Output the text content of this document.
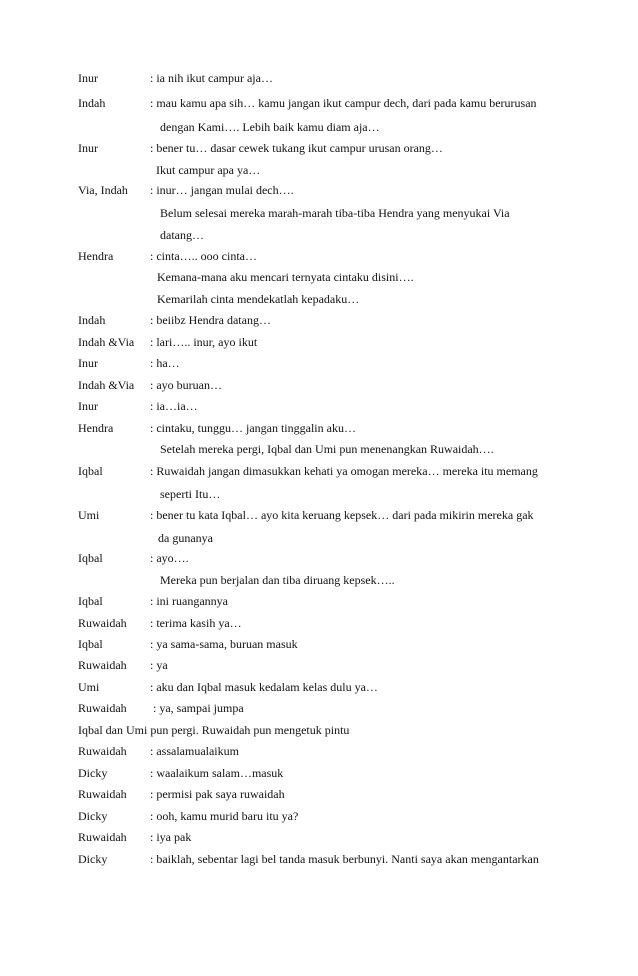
Inur	: ia nih ikut campur aja…
Indah	: mau kamu apa sih… kamu jangan ikut campur dech, dari pada kamu berurusan
dengan Kami…. Lebih baik kamu diam aja…
Inur	: bener tu… dasar cewek tukang ikut campur urusan orang…
Ikut campur apa ya…
Via, Indah : inur… jangan mulai dech….
Belum selesai mereka marah-marah tiba-tiba Hendra yang menyukai Via
datang…
Hendra	: cinta….. ooo cinta…
Kemana-mana aku mencari ternyata cintaku disini….
Kemarilah cinta mendekatlah kepadaku…
Indah	: beiibz Hendra datang…
Indah &Via : lari….. inur, ayo ikut
Inur	: ha…
Indah &Via : ayo buruan…
Inur	: ia…ia…
Hendra	: cintaku, tunggu… jangan tinggalin aku…
Setelah mereka pergi, Iqbal dan Umi pun menenangkan Ruwaidah….
Iqbal	: Ruwaidah jangan dimasukkan kehati ya omogan mereka… mereka itu memang
seperti Itu…
Umi	: bener tu kata Iqbal… ayo kita keruang kepsek… dari pada mikirin mereka gak
da gunanya
Iqbal	: ayo….
Mereka pun berjalan dan tiba diruang kepsek…..
Iqbal	: ini ruangannya
Ruwaidah : terima kasih ya…
Iqbal	: ya sama-sama, buruan masuk
Ruwaidah : ya
Umi	: aku dan Iqbal masuk kedalam kelas dulu ya…
Ruwaidah : ya, sampai jumpa
Iqbal dan Umi pun pergi. Ruwaidah pun mengetuk pintu
Ruwaidah : assalamualaikum
Dicky	: waalaikum salam…masuk
Ruwaidah : permisi pak saya ruwaidah
Dicky	: ooh, kamu murid baru itu ya?
Ruwaidah : iya pak
Dicky	: baiklah, sebentar lagi bel tanda masuk berbunyi. Nanti saya akan mengantarkan
